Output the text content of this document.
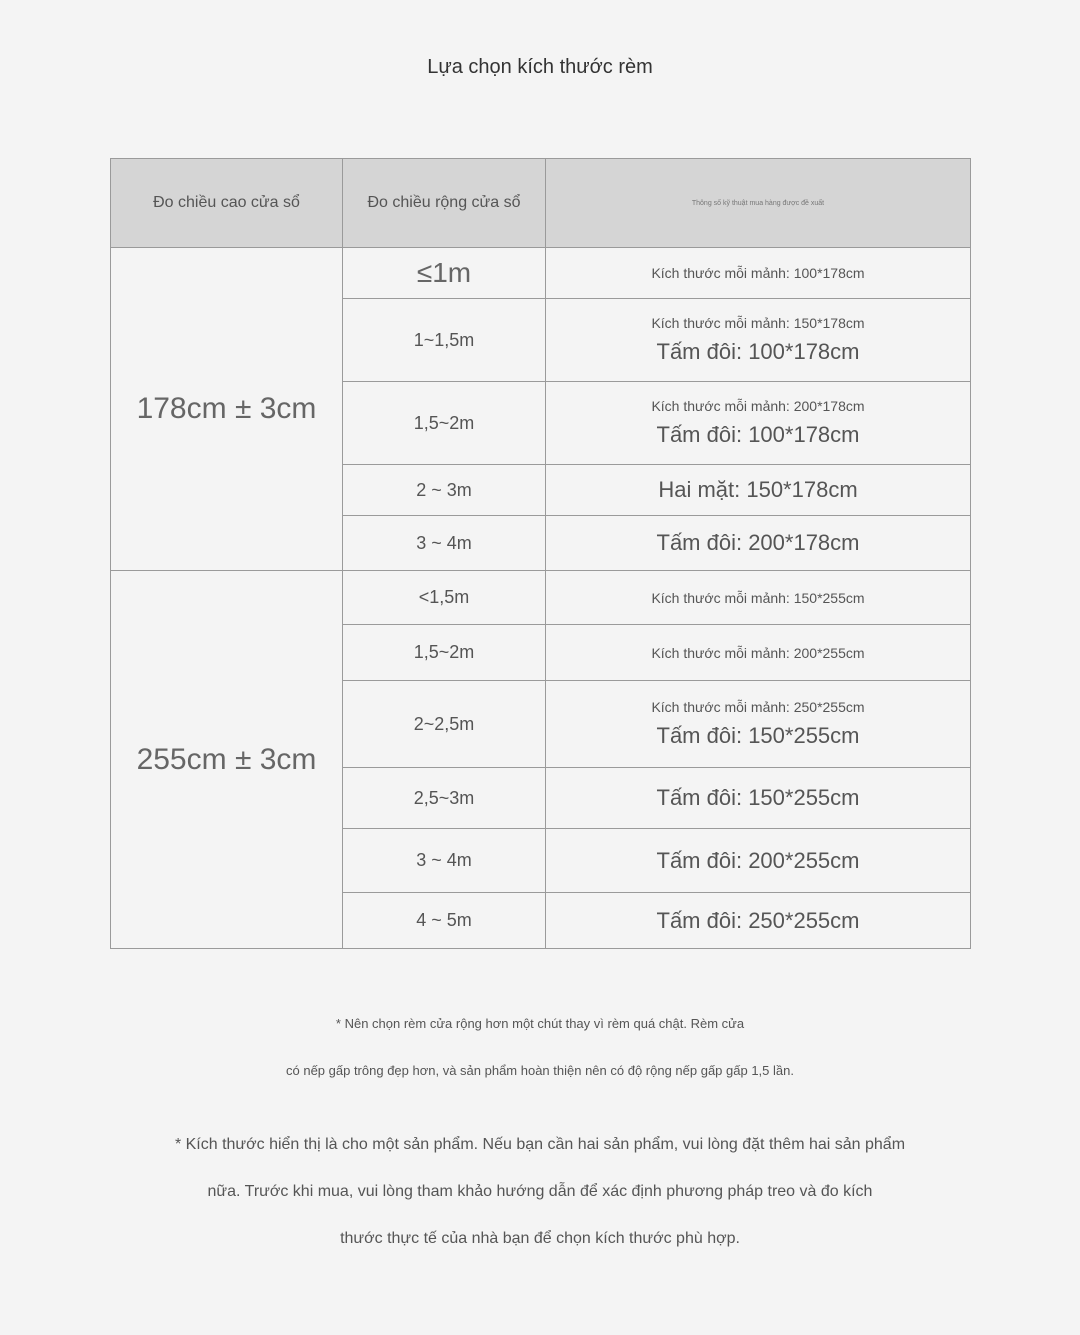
Lựa chọn kích thước rèm
Đo chiều cao cửa sổ	Đo chiều rộng cửa sổ	Thông số kỹ thuật mua hàng được đề xuất
178cm ± 3cm	≤1m	Kích thước mỗi mảnh: 100*178cm

	1~1,5m	Kích thước mỗi mảnh: 150*178cm
Tấm đôi: 100*178cm

	1,5~2m	Kích thước mỗi mảnh: 200*178cm
Tấm đôi: 100*178cm

	2 ~ 3m	Hai mặt: 150*178cm

	3 ~ 4m	Tấm đôi: 200*178cm

255cm ± 3cm	<1,5m	Kích thước mỗi mảnh: 150*255cm

	1,5~2m	Kích thước mỗi mảnh: 200*255cm

	2~2,5m	Kích thước mỗi mảnh: 250*255cm
Tấm đôi: 150*255cm

	2,5~3m	Tấm đôi: 150*255cm

	3 ~ 4m	Tấm đôi: 200*255cm

	4 ~ 5m	Tấm đôi: 250*255cm
* Nên chọn rèm cửa rộng hơn một chút thay vì rèm quá chật. Rèm cửa
có nếp gấp trông đẹp hơn, và sản phẩm hoàn thiện nên có độ rộng nếp gấp gấp 1,5 lần.
* Kích thước hiển thị là cho một sản phẩm. Nếu bạn cần hai sản phẩm, vui lòng đặt thêm hai sản phẩm
nữa. Trước khi mua, vui lòng tham khảo hướng dẫn để xác định phương pháp treo và đo kích
thước thực tế của nhà bạn để chọn kích thước phù hợp.
